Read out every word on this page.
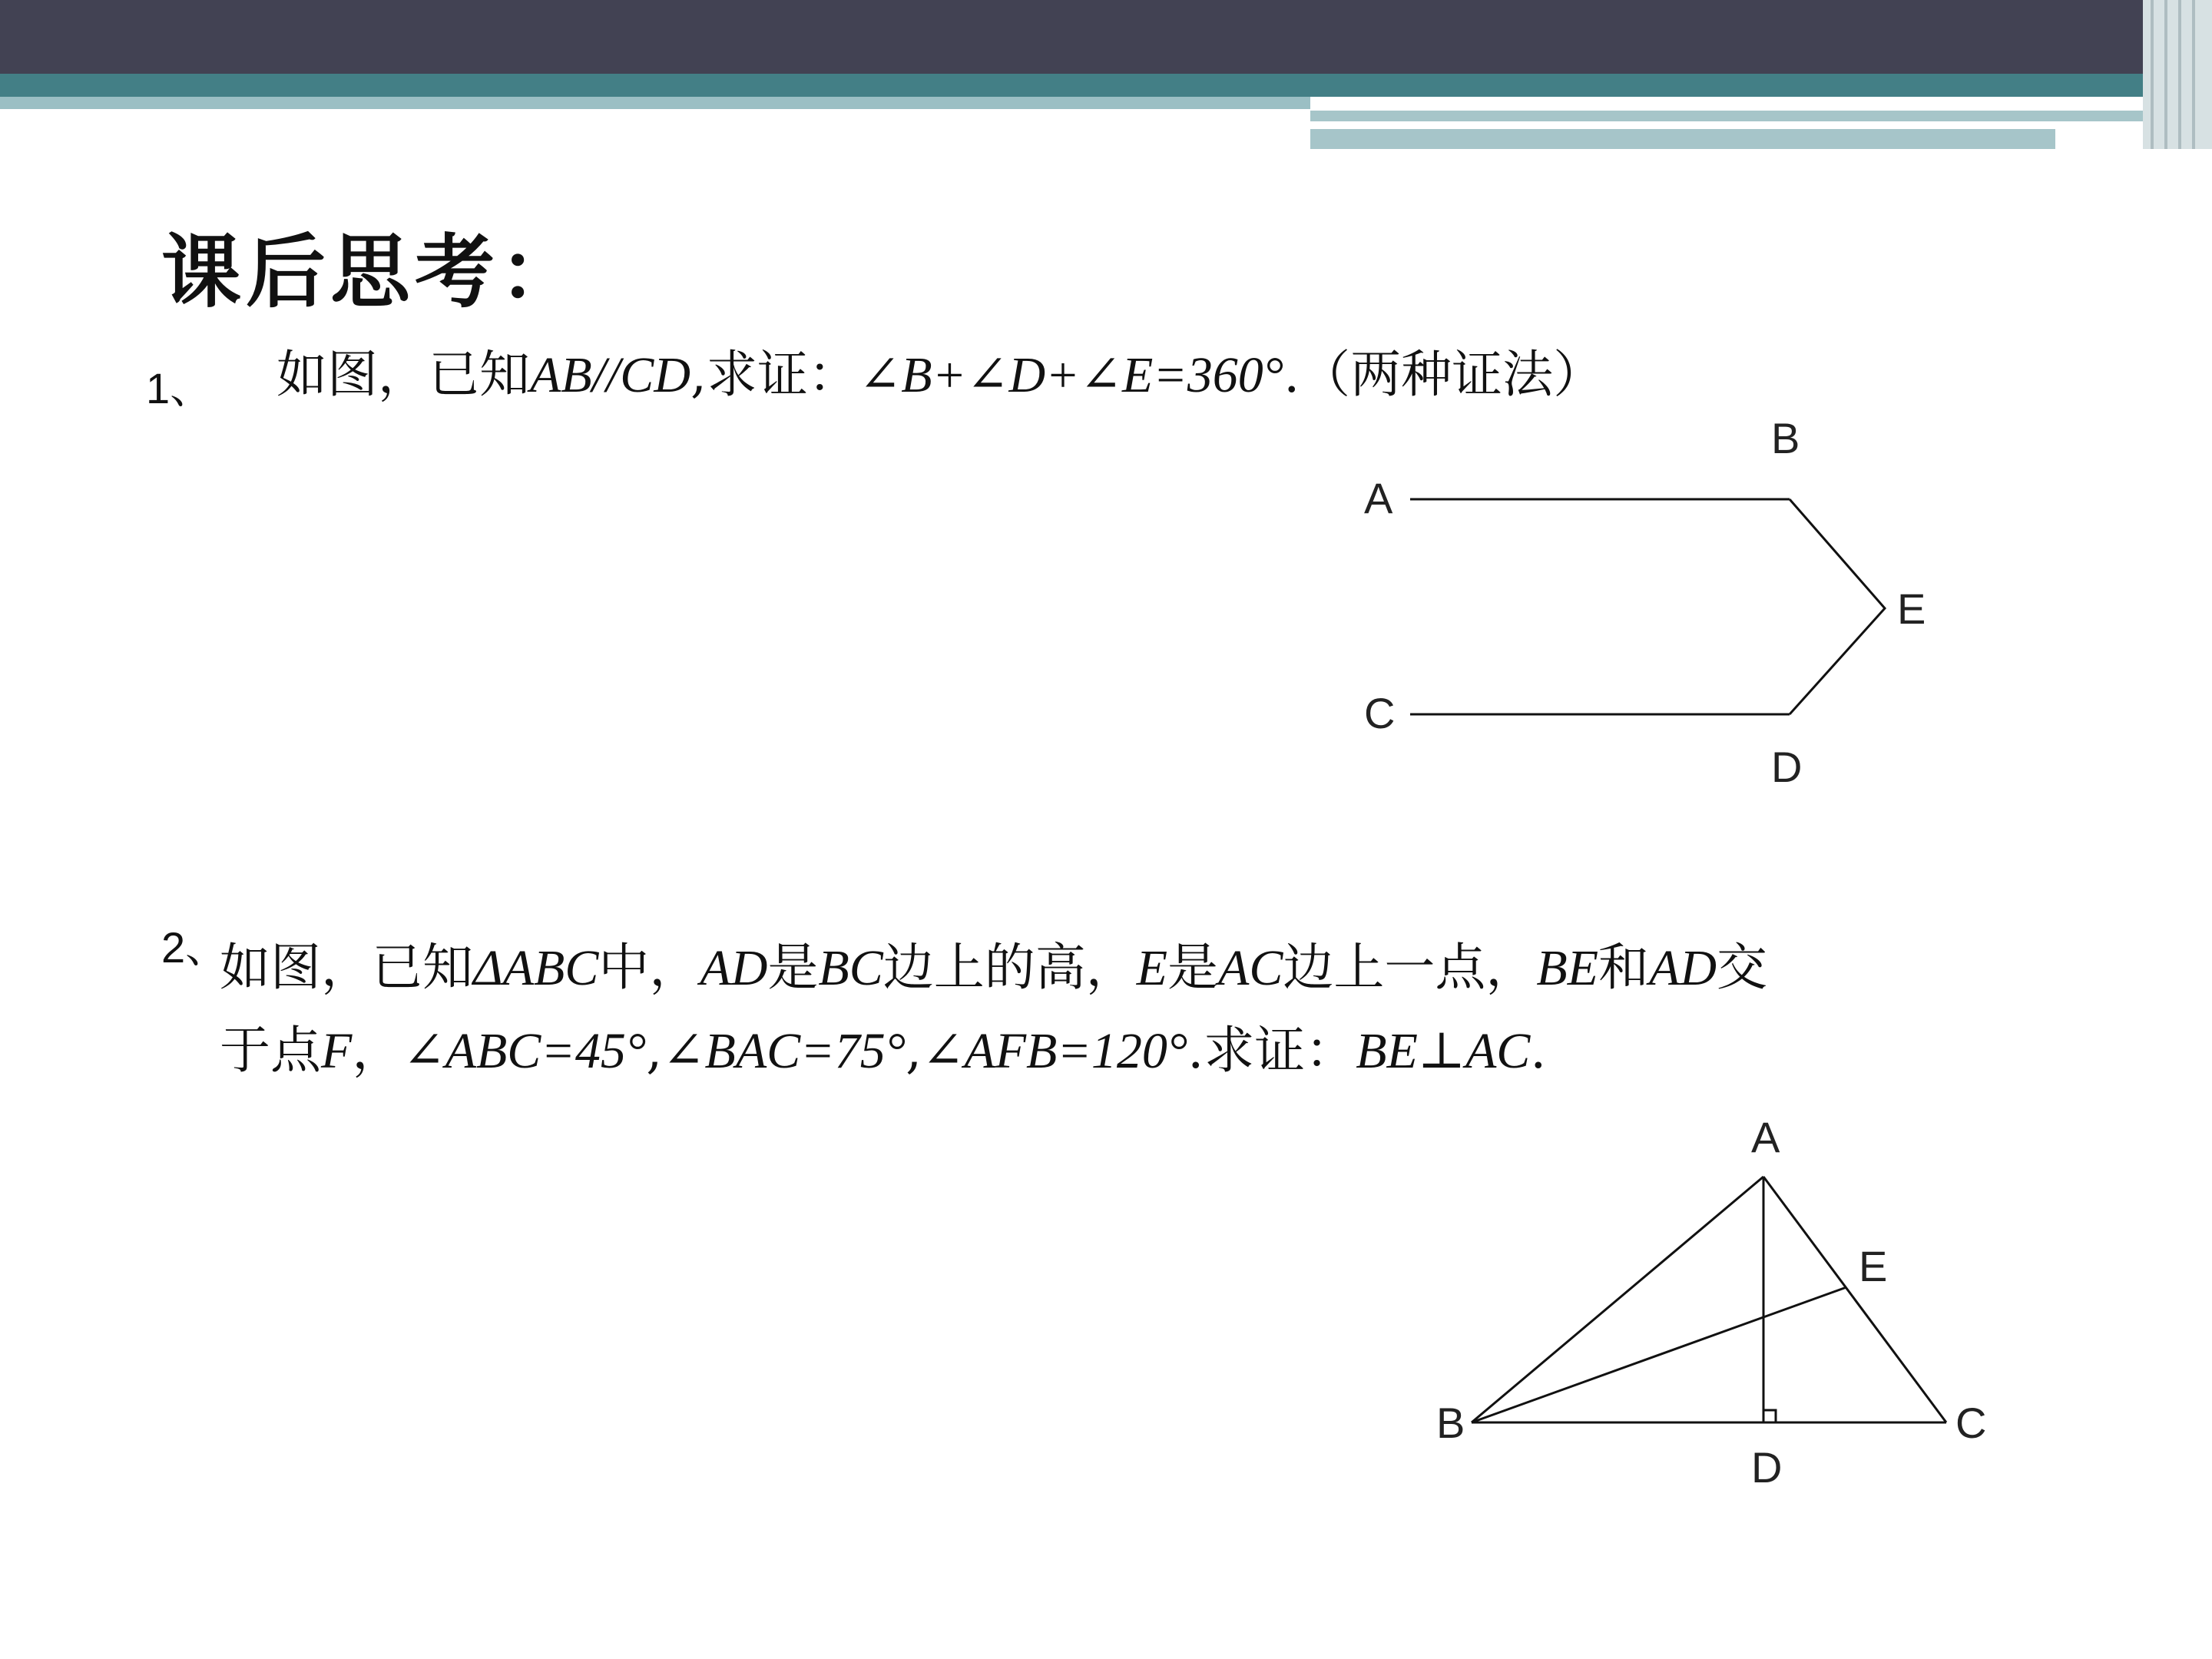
课后思考：
1、 如图，已知AB//CD,求证：∠B+∠D+∠E=360°.（两种证法）
A
B
C
D
E
2、
如图，已知ΔABC中，AD是BC边上的高，E是AC边上一点，BE和AD交
于点F，∠ABC=45°,∠BAC=75°,∠AFB=120°.求证：BE⊥AC.
A
B	C
D
E
